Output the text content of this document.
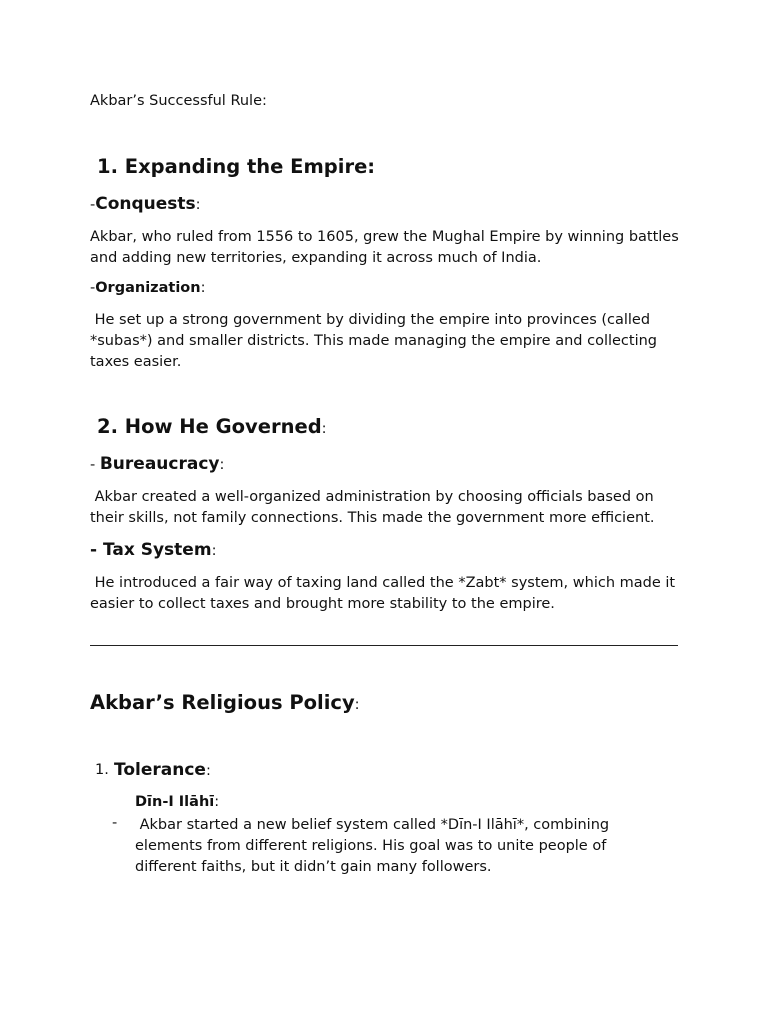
Akbar’s Successful Rule:
1. Expanding the Empire:
-Conquests:
Akbar, who ruled from 1556 to 1605, grew the Mughal Empire by winning battles and adding new territories, expanding it across much of India.
-Organization:
He set up a strong government by dividing the empire into provinces (called *subas*) and smaller districts. This made managing the empire and collecting taxes easier.
2. How He Governed:
- Bureaucracy:
Akbar created a well-organized administration by choosing officials based on their skills, not family connections. This made the government more efficient.
- Tax System:
He introduced a fair way of taxing land called the *Zabt* system, which made it easier to collect taxes and brought more stability to the empire.
Akbar’s Religious Policy:
1. Tolerance:
Dīn-I Ilāhī:
- Akbar started a new belief system called *Dīn-I Ilāhī*, combining elements from different religions. His goal was to unite people of different faiths, but it didn’t gain many followers.
